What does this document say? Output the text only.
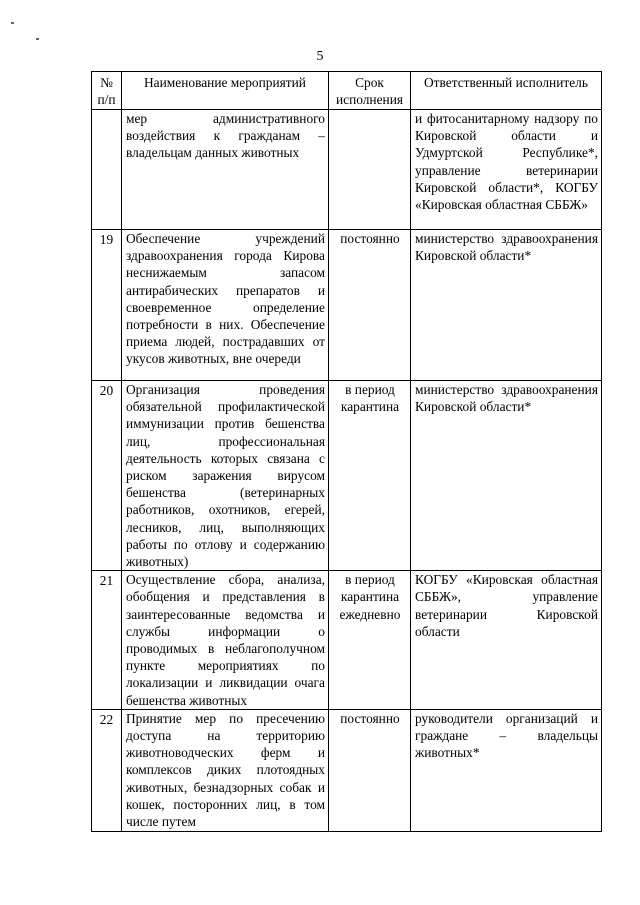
5
№ п/п	Наименование мероприятий	Срок исполнения	Ответственный исполнитель
	мер административного воздействия к гражданам – владельцам данных животных		и фитосанитарному надзору по Кировской области и Удмуртской Республике*, управление ветеринарии Кировской области*, КОГБУ «Кировская областная СББЖ»
19	Обеспечение учреждений здравоохранения города Кирова неснижаемым запасом антирабических препаратов и своевременное определение потребности в них. Обеспечение приема людей, пострадавших от укусов животных, вне очереди	постоянно	министерство здравоохранения Кировской области*
20	Организация проведения обязательной профилактической иммунизации против бешенства лиц, профессиональная деятельность которых связана с риском заражения вирусом бешенства (ветеринарных работников, охотников, егерей, лесников, лиц, выполняющих работы по отлову и содержанию животных)	в период карантина	министерство здравоохранения Кировской области*
21	Осуществление сбора, анализа, обобщения и представления в заинтересованные ведомства и службы информации о проводимых в неблагополучном пункте мероприятиях по локализации и ликвидации очага бешенства животных	в период карантина ежедневно	КОГБУ «Кировская областная СББЖ», управление ветеринарии Кировской области
22	Принятие мер по пресечению доступа на территорию животноводческих ферм и комплексов диких плотоядных животных, безнадзорных собак и кошек, посторонних лиц, в том числе путем	постоянно	руководители организаций и граждане – владельцы животных*
